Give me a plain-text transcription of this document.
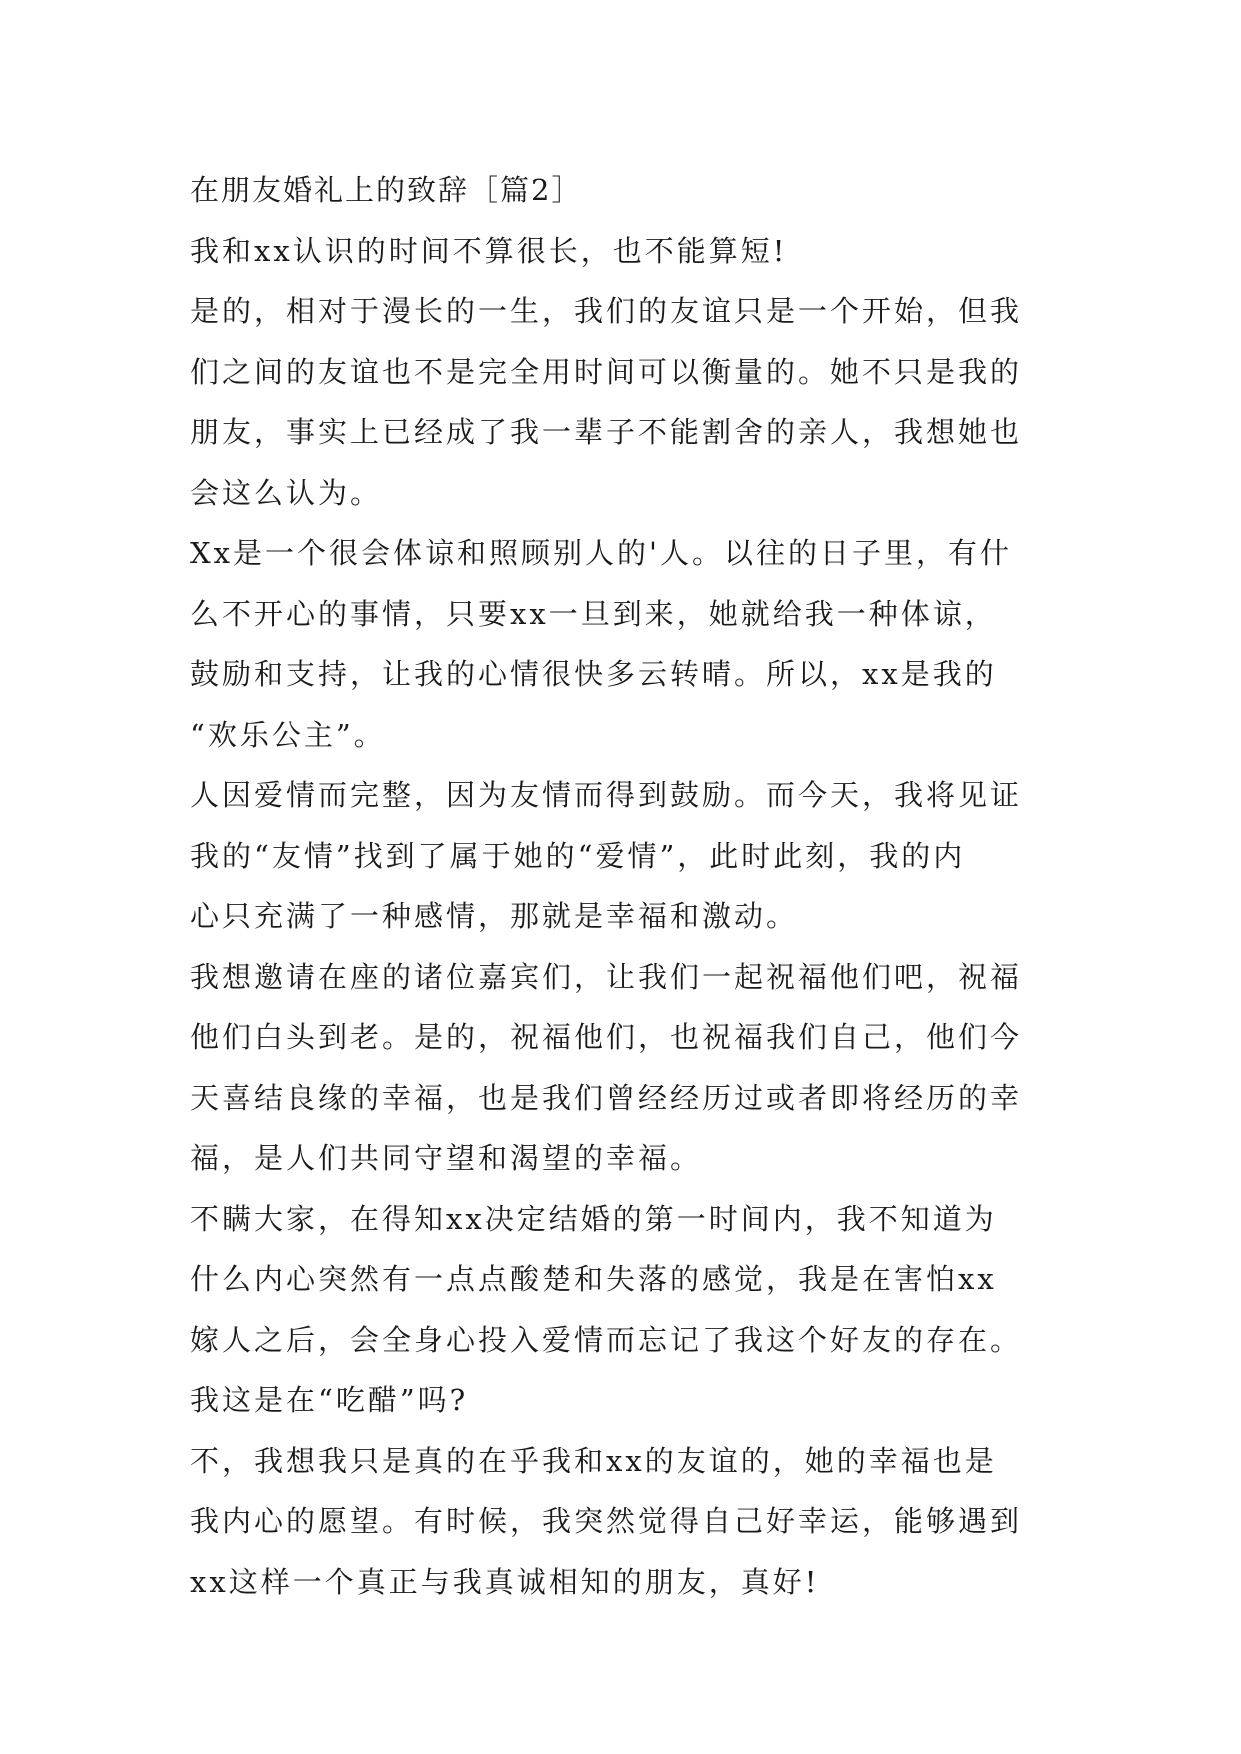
在朋友婚礼上的致辞［篇2］
我和xx认识的时间不算很长，也不能算短!
是的，相对于漫长的一生，我们的友谊只是一个开始，但我
们之间的友谊也不是完全用时间可以衡量的。她不只是我的
朋友，事实上已经成了我一辈子不能割舍的亲人，我想她也
会这么认为。
Xx是一个很会体谅和照顾别人的'人。以往的日子里，有什
么不开心的事情，只要xx一旦到来，她就给我一种体谅，
鼓励和支持，让我的心情很快多云转晴。所以，xx是我的
“欢乐公主”。
人因爱情而完整，因为友情而得到鼓励。而今天，我将见证
我的“友情”找到了属于她的“爱情”，此时此刻，我的内
心只充满了一种感情，那就是幸福和激动。
我想邀请在座的诸位嘉宾们，让我们一起祝福他们吧，祝福
他们白头到老。是的，祝福他们，也祝福我们自己，他们今
天喜结良缘的幸福，也是我们曾经经历过或者即将经历的幸
福，是人们共同守望和渴望的幸福。
不瞒大家，在得知xx决定结婚的第一时间内，我不知道为
什么内心突然有一点点酸楚和失落的感觉，我是在害怕xx
嫁人之后，会全身心投入爱情而忘记了我这个好友的存在。
我这是在“吃醋”吗?
不，我想我只是真的在乎我和xx的友谊的，她的幸福也是
我内心的愿望。有时候，我突然觉得自己好幸运，能够遇到
xx这样一个真正与我真诚相知的朋友，真好!
